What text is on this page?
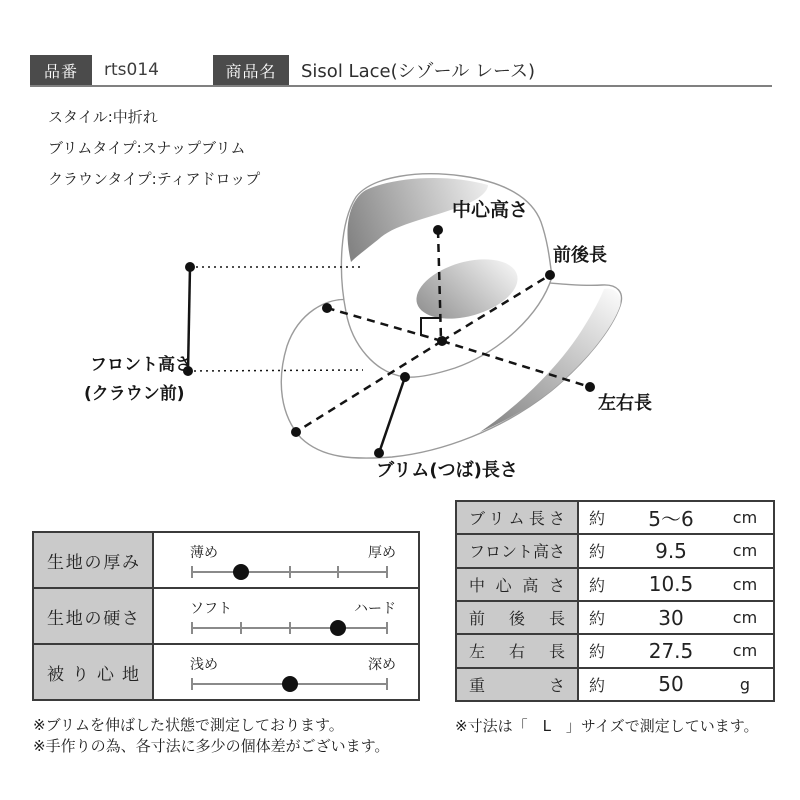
品番 rts014	商品名 Sisol Lace(シゾール レース)
スタイル:中折れ
ブリムタイプ:スナップブリム
クラウンタイプ:ティアドロップ
中心高さ
前後長
フロント高さ
(クラウン前)	左右長
ブリム(つば)長さ
生地の厚み	薄め	厚め
生地の硬さ	ソフト	ハード
被り心地	浅め	深め
ブリム長さ	約	5〜6	cm
フロント高さ	約	9.5	cm
中心高さ	約	10.5	cm
前後長	約	30	cm
左右長	約	27.5	cm
重さ	約	50	g
※ブリムを伸ばした状態で測定しております。
※手作りの為、各寸法に多少の個体差がございます。
※寸法は「　L　」サイズで測定しています。
